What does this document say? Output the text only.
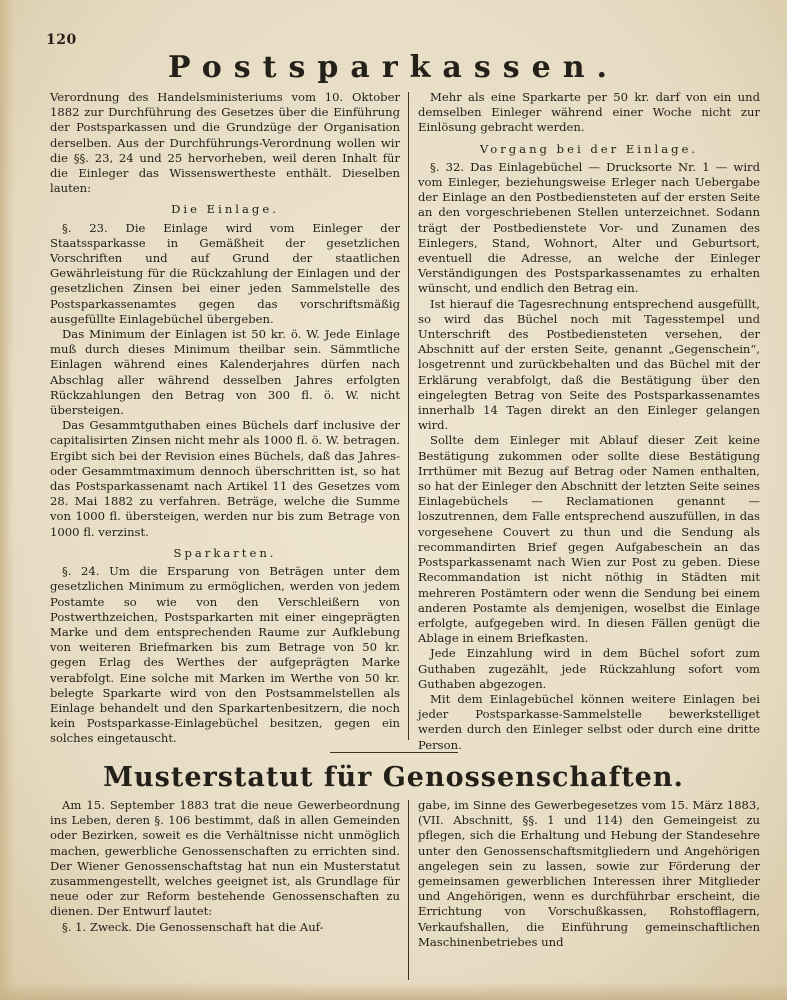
120
Postsparkassen.

Verordnung des Handelsministeriums vom 10. Oktober 1882 zur Durchführung des Gesetzes über die Einführung der Postsparkassen und die Grundzüge der Organisation derselben. Aus der Durchführungs-Verordnung wollen wir die §§. 23, 24 und 25 hervorheben, weil deren Inhalt für die Einleger das Wissenswertheste enthält. Dieselben lauten:

Die Einlage.

§. 23. Die Einlage wird vom Einleger der Staatssparkasse in Gemäßheit der gesetzlichen Vorschriften und auf Grund der staatlichen Gewährleistung für die Rückzahlung der Einlagen und der gesetzlichen Zinsen bei einer jeden Sammelstelle des Postsparkassenamtes gegen das vorschriftsmäßig ausgefüllte Einlagebüchel übergeben.

Das Minimum der Einlagen ist 50 kr. ö. W. Jede Einlage muß durch dieses Minimum theilbar sein. Sämmtliche Einlagen während eines Kalenderjahres dürfen nach Abschlag aller während desselben Jahres erfolgten Rückzahlungen den Betrag von 300 fl. ö. W. nicht übersteigen.

Das Gesammtguthaben eines Büchels darf inclusive der capitalisirten Zinsen nicht mehr als 1000 fl. ö. W. betragen. Ergibt sich bei der Revision eines Büchels, daß das Jahres- oder Gesammtmaximum dennoch überschritten ist, so hat das Postsparkassenamt nach Artikel 11 des Gesetzes vom 28. Mai 1882 zu verfahren. Beträge, welche die Summe von 1000 fl. übersteigen, werden nur bis zum Betrage von 1000 fl. verzinst.

Sparkarten.

§. 24. Um die Ersparung von Beträgen unter dem gesetzlichen Minimum zu ermöglichen, werden von jedem Postamte so wie von den Verschleißern von Postwerthzeichen, Postsparkarten mit einer eingeprägten Marke und dem entsprechenden Raume zur Aufklebung von weiteren Briefmarken bis zum Betrage von 50 kr. gegen Erlag des Werthes der aufgeprägten Marke verabfolgt. Eine solche mit Marken im Werthe von 50 kr. belegte Sparkarte wird von den Postsammelstellen als Einlage behandelt und den Sparkartenbesitzern, die noch kein Postsparkasse-Einlagebüchel besitzen, gegen ein solches eingetauscht.

Mehr als eine Sparkarte per 50 kr. darf von ein und demselben Einleger während einer Woche nicht zur Einlösung gebracht werden.

Vorgang bei der Einlage.

§. 32. Das Einlagebüchel — Drucksorte Nr. 1 — wird vom Einleger, beziehungsweise Erleger nach Uebergabe der Einlage an den Postbediensteten auf der ersten Seite an den vorgeschriebenen Stellen unterzeichnet. Sodann trägt der Postbedienstete Vor- und Zunamen des Einlegers, Stand, Wohnort, Alter und Geburtsort, eventuell die Adresse, an welche der Einleger Verständigungen des Postsparkassenamtes zu erhalten wünscht, und endlich den Betrag ein.

Ist hierauf die Tagesrechnung entsprechend ausgefüllt, so wird das Büchel noch mit Tagesstempel und Unterschrift des Postbediensteten versehen, der Abschnitt auf der ersten Seite, genannt „Gegenschein“, losgetrennt und zurückbehalten und das Büchel mit der Erklärung verabfolgt, daß die Bestätigung über den eingelegten Betrag von Seite des Postsparkassenamtes innerhalb 14 Tagen direkt an den Einleger gelangen wird.

Sollte dem Einleger mit Ablauf dieser Zeit keine Bestätigung zukommen oder sollte diese Bestätigung Irrthümer mit Bezug auf Betrag oder Namen enthalten, so hat der Einleger den Abschnitt der letzten Seite seines Einlagebüchels — Reclamationen genannt — loszutrennen, dem Falle entsprechend auszufüllen, in das vorgesehene Couvert zu thun und die Sendung als recommandirten Brief gegen Aufgabeschein an das Postsparkassenamt nach Wien zur Post zu geben. Diese Recommandation ist nicht nöthig in Städten mit mehreren Postämtern oder wenn die Sendung bei einem anderen Postamte als demjenigen, woselbst die Einlage erfolgte, aufgegeben wird. In diesen Fällen genügt die Ablage in einem Briefkasten.

Jede Einzahlung wird in dem Büchel sofort zum Guthaben zugezählt, jede Rückzahlung sofort vom Guthaben abgezogen.

Mit dem Einlagebüchel können weitere Einlagen bei jeder Postsparkasse-Sammelstelle bewerkstelliget werden durch den Einleger selbst oder durch eine dritte Person.

Musterstatut für Genossenschaften.

Am 15. September 1883 trat die neue Gewerbeordnung ins Leben, deren §. 106 bestimmt, daß in allen Gemeinden oder Bezirken, soweit es die Verhältnisse nicht unmöglich machen, gewerbliche Genossenschaften zu errichten sind. Der Wiener Genossenschaftstag hat nun ein Musterstatut zusammengestellt, welches geeignet ist, als Grundlage für neue oder zur Reform bestehende Genossenschaften zu dienen. Der Entwurf lautet:

§. 1. Zweck. Die Genossenschaft hat die Auf-

gabe, im Sinne des Gewerbegesetzes vom 15. März 1883, (VII. Abschnitt, §§. 1 und 114) den Gemeingeist zu pflegen, sich die Erhaltung und Hebung der Standesehre unter den Genossenschaftsmitgliedern und Angehörigen angelegen sein zu lassen, sowie zur Förderung der gemeinsamen gewerblichen Interessen ihrer Mitglieder und Angehörigen, wenn es durchführbar erscheint, die Errichtung von Vorschußkassen, Rohstofflagern, Verkaufshallen, die Einführung gemeinschaftlichen Maschinenbetriebes und
